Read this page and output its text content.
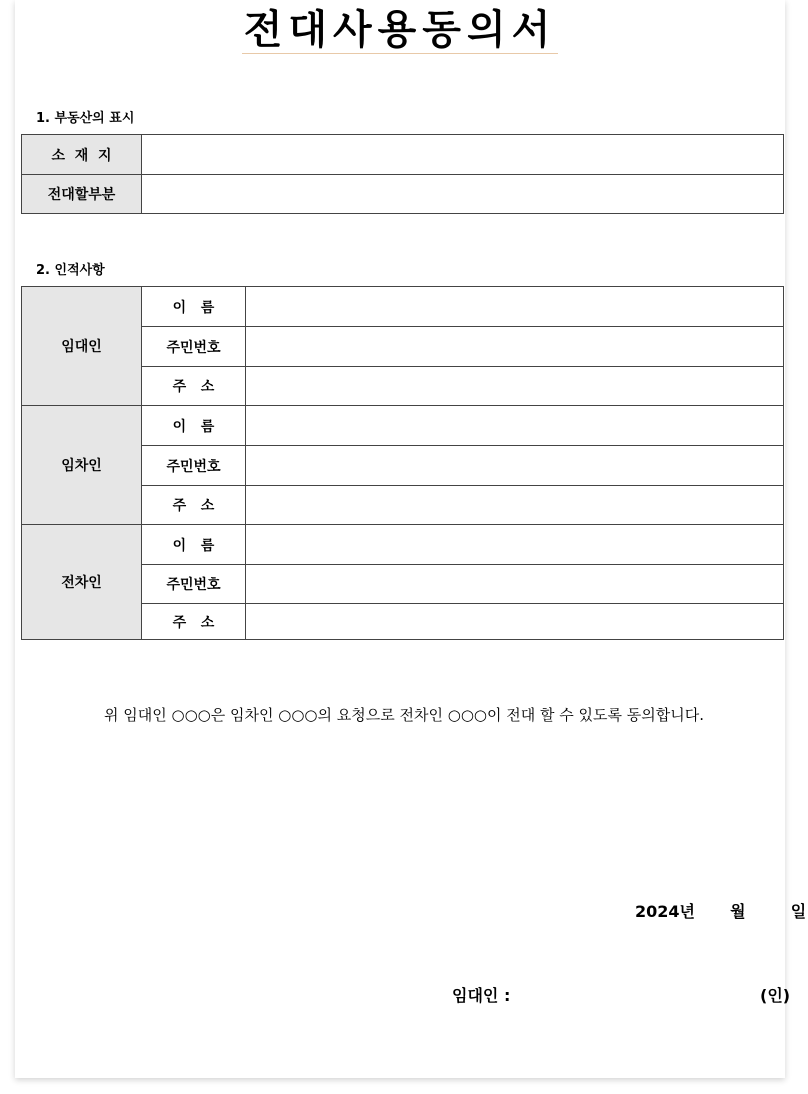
전대사용동의서
1. 부동산의 표시
소  재  지	
전대할부분	
2. 인적사항
임대인	이   름	
	주민번호	
	주   소	
임차인	이   름	
	주민번호	
	주   소	
전차인	이   름	
	주민번호	
	주   소	
위 임대인 ○○○은 임차인 ○○○의 요청으로 전차인 ○○○이 전대 할 수 있도록 동의합니다.
2024년 월	일
임대인 :	(인)
